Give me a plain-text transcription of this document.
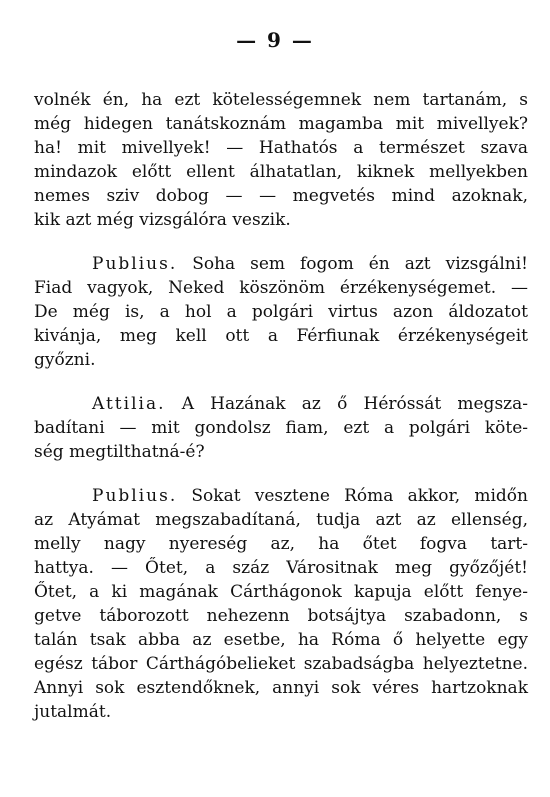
— 9 —
volnék én, ha ezt kötelességemnek nem tartanám, s
még hidegen tanátskoznám magamba mit mivellyek?
ha! mit mivellyek! — Hathatós a természet szava
mindazok előtt ellent álhatatlan, kiknek mellyekben
nemes sziv dobog — — megvetés mind azoknak,
kik azt még vizsgálóra veszik.
Publius. Soha sem fogom én azt vizsgálni!
Fiad vagyok, Neked köszönöm érzékenységemet. —
De még is, a hol a polgári virtus azon áldozatot
kivánja, meg kell ott a Férfiunak érzékenységeit
győzni.
Attilia. A Hazának az ő Héróssát megsza-
badítani — mit gondolsz fiam, ezt a polgári köte-
ség megtilthatná-é?
Publius. Sokat vesztene Róma akkor, midőn
az Atyámat megszabadítaná, tudja azt az ellenség,
melly nagy nyereség az, ha őtet fogva tart-
hattya. — Őtet, a száz Várositnak meg győzőjét!
Őtet, a ki magának Cárthágonok kapuja előtt fenye-
getve táborozott nehezenn botsájtya szabadonn, s
talán tsak abba az esetbe, ha Róma ő helyette egy
egész tábor Cárthágóbelieket szabadságba helyeztetne.
Annyi sok esztendőknek, annyi sok véres hartzoknak
jutalmát.
